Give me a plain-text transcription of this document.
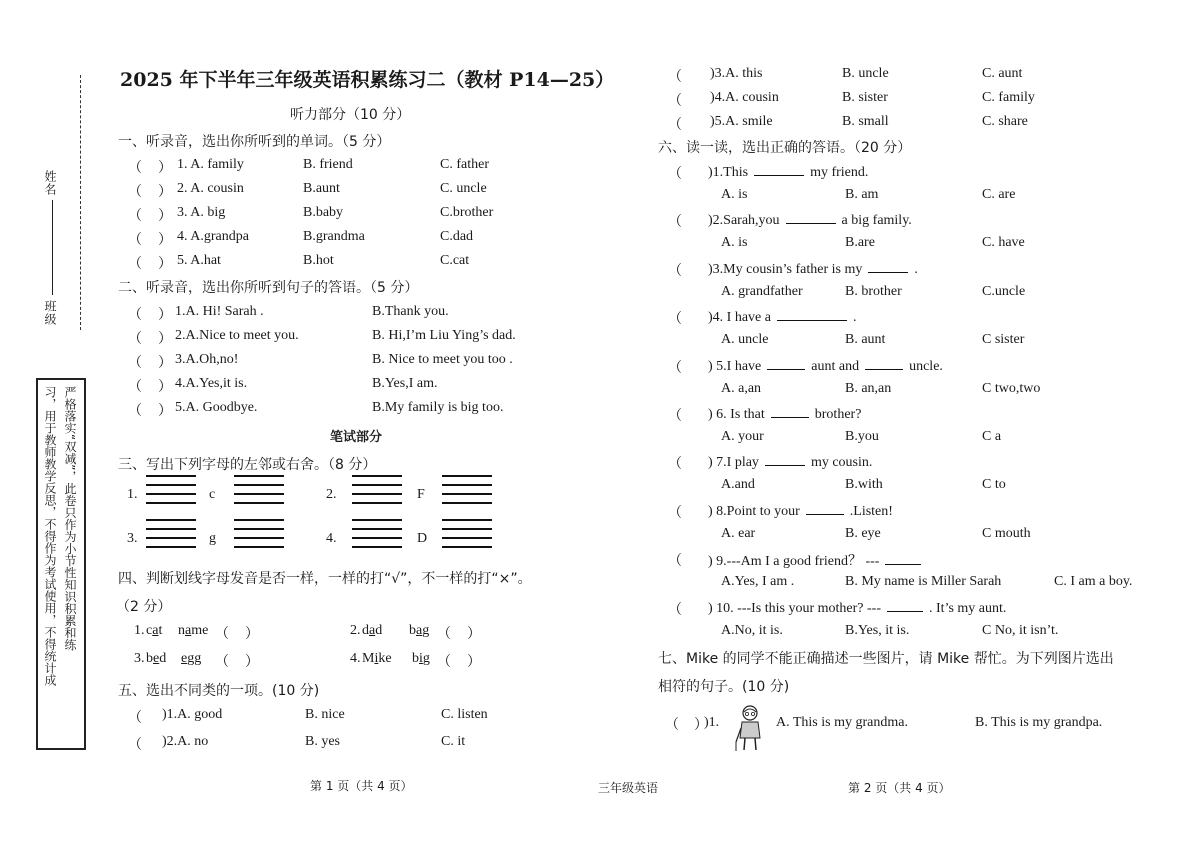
姓名
班级
严格落实“双减”，此卷只作为小节性知识积累和练
习，用于教师教学反思，不得作为考试使用，不得统计成
2025 年下半年三年级英语积累练习二（教材 P14—25）
听力部分（10 分）
一、听录音，选出你所听到的单词。（5 分）
（ ） 1. A. family	B. friend	C. father
（ ） 2. A. cousin	B.aunt	C. uncle
（ ） 3. A. big	B.baby	C.brother
（ ） 4. A.grandpa	B.grandma	C.dad
（ ） 5. A.hat	B.hot	C.cat
二、听录音，选出你所听到句子的答语。（5 分）
（ ） 1.A. Hi! Sarah .	B.Thank you.
（ ） 2.A.Nice to meet you.	B. Hi,I’m Liu Ying’s dad.
（ ） 3.A.Oh,no!	B. Nice to meet you too .
（ ） 4.A.Yes,it is.	B.Yes,I am.
（ ） 5.A. Goodbye.	B.My family is big too.
笔试部分
三、写出下列字母的左邻或右舍。（8 分）
1.	c	2.	F
3.	g	4.	D
四、判断划线字母发音是否一样，一样的打“√”，不一样的打“×”。
（2 分）
1. cat name （ ）	2. dad bag （ ）
3. bed egg （ ）	4. Mike big （ ）
五、选出不同类的一项。(10 分)
（ )1.A. good	B. nice	C. listen
（ )2.A. no	B. yes	C. it
（ )3.A. this	B. uncle	C. aunt
（ )4.A. cousin	B. sister	C. family
（ )5.A. smile	B. small	C. share
六、读一读，选出正确的答语。（20 分）
（ )1.This	my friend.
A. is	B. am	C. are
（ )2.Sarah,you	a big family.
A. is	B.are	C. have
（ )3.My cousin’s father is my	.
A. grandfather	B. brother	C.uncle
（ )4. I have a	.
A. uncle	B. aunt	C sister
（ ) 5.I have	aunt and	uncle.
A. a,an	B. an,an	C two,two
（ ) 6. Is that	brother?
A. your	B.you	C a
（ ) 7.I play	my cousin.
A.and	B.with	C to
（ ) 8.Point to your	.Listen!
A. ear	B. eye	C mouth
（ ) 9.---Am I a good friend？ ---
A.Yes, I am .	B. My name is Miller Sarah	C. I am a boy.
（ ) 10. ---Is this your mother? ---	. It’s my aunt.
A.No, it is.	B.Yes, it is.	C No, it isn’t.
七、Mike 的同学不能正确描述一些图片，请 Mike 帮忙。为下列图片选出
相符的句子。(10 分)
（ ）
)1.	A. This is my grandma.	B. This is my grandpa.
第 1 页（共 4 页）	三年级英语	第 2 页（共 4 页）
